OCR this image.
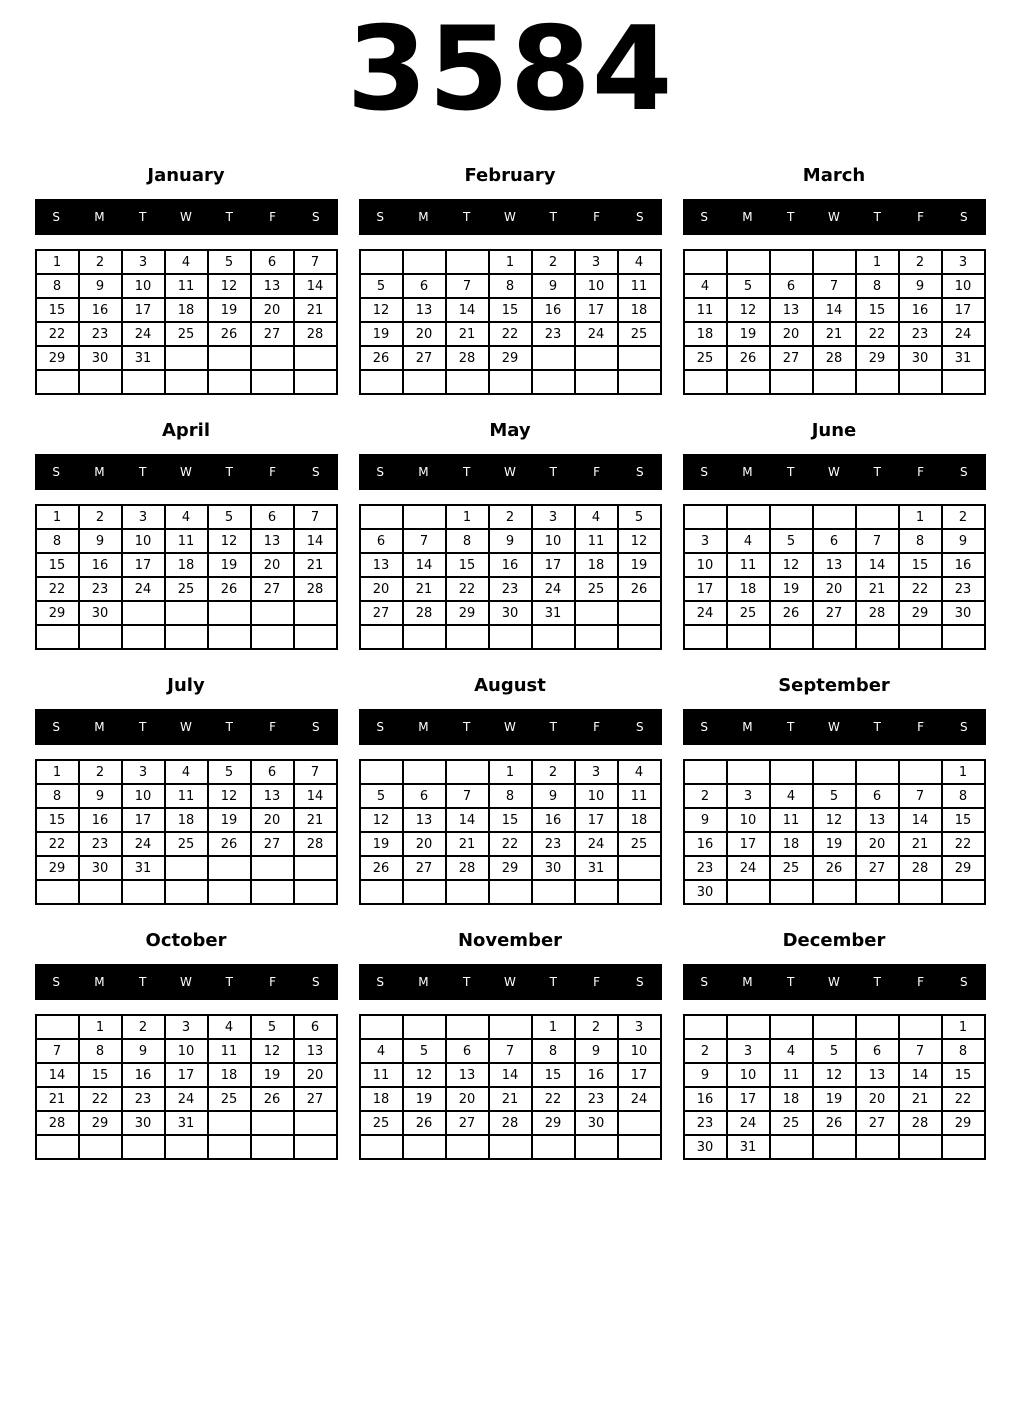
3584
January
S	M	T	W	T	F	S
1	2	3	4	5	6	7
8	9	10	11	12	13	14
15	16	17	18	19	20	21
22	23	24	25	26	27	28
29	30	31				

February
S	M	T	W	T	F	S
			1	2	3	4
5	6	7	8	9	10	11
12	13	14	15	16	17	18
19	20	21	22	23	24	25
26	27	28	29			

March
S	M	T	W	T	F	S
				1	2	3
4	5	6	7	8	9	10
11	12	13	14	15	16	17
18	19	20	21	22	23	24
25	26	27	28	29	30	31

April
S	M	T	W	T	F	S
1	2	3	4	5	6	7
8	9	10	11	12	13	14
15	16	17	18	19	20	21
22	23	24	25	26	27	28
29	30					

May
S	M	T	W	T	F	S
		1	2	3	4	5
6	7	8	9	10	11	12
13	14	15	16	17	18	19
20	21	22	23	24	25	26
27	28	29	30	31		

June
S	M	T	W	T	F	S
					1	2
3	4	5	6	7	8	9
10	11	12	13	14	15	16
17	18	19	20	21	22	23
24	25	26	27	28	29	30

July
S	M	T	W	T	F	S
1	2	3	4	5	6	7
8	9	10	11	12	13	14
15	16	17	18	19	20	21
22	23	24	25	26	27	28
29	30	31				

August
S	M	T	W	T	F	S
			1	2	3	4
5	6	7	8	9	10	11
12	13	14	15	16	17	18
19	20	21	22	23	24	25
26	27	28	29	30	31	

September
S	M	T	W	T	F	S
						1
2	3	4	5	6	7	8
9	10	11	12	13	14	15
16	17	18	19	20	21	22
23	24	25	26	27	28	29
30						
October
S	M	T	W	T	F	S
	1	2	3	4	5	6
7	8	9	10	11	12	13
14	15	16	17	18	19	20
21	22	23	24	25	26	27
28	29	30	31			

November
S	M	T	W	T	F	S
				1	2	3
4	5	6	7	8	9	10
11	12	13	14	15	16	17
18	19	20	21	22	23	24
25	26	27	28	29	30	

December
S	M	T	W	T	F	S
						1
2	3	4	5	6	7	8
9	10	11	12	13	14	15
16	17	18	19	20	21	22
23	24	25	26	27	28	29
30	31					
